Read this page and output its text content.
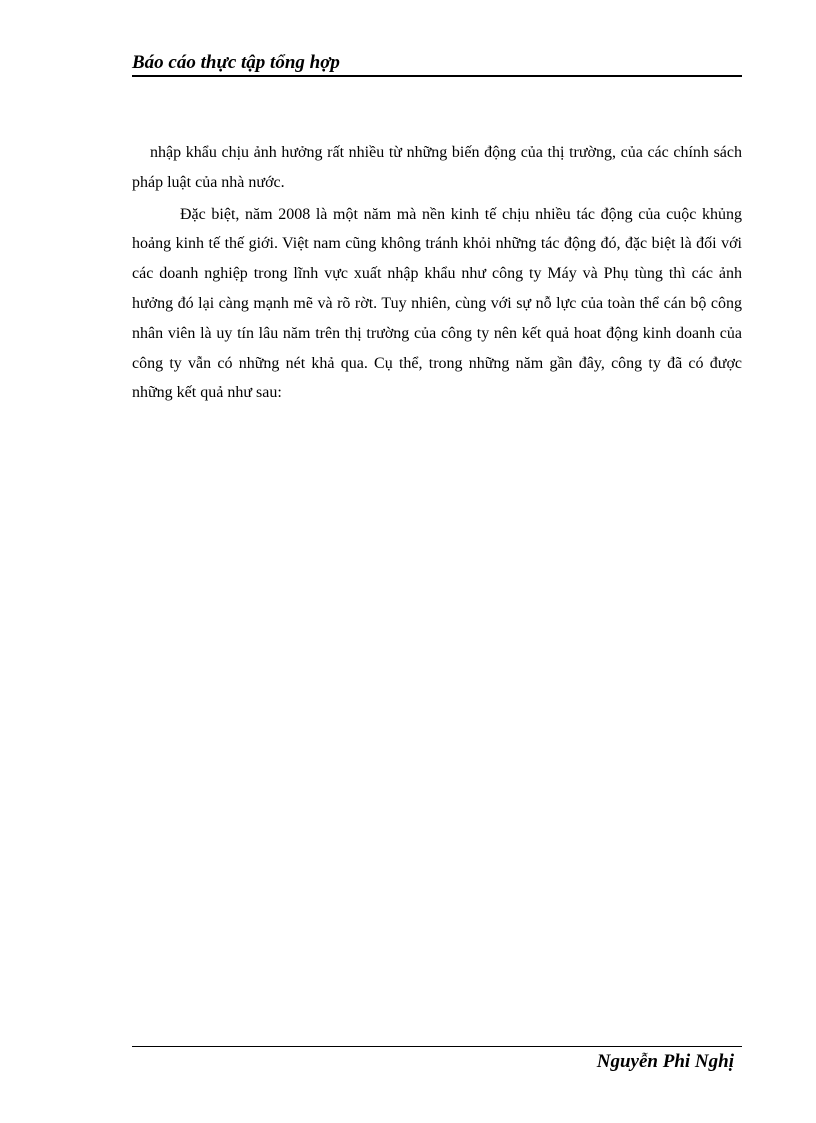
Báo cáo thực tập tổng hợp

nhập khẩu chịu ảnh hưởng rất nhiều từ những biến động của thị trường, của các chính sách pháp luật của nhà nước.

Đặc biệt, năm 2008 là một năm mà nền kinh tế chịu nhiều tác động của cuộc khủng hoảng kinh tế thế giới. Việt nam cũng không tránh khỏi những tác động đó, đặc biệt là đối với các doanh nghiệp trong lĩnh vực xuất nhập khẩu như công ty Máy và Phụ tùng thì các ảnh hưởng đó lại càng mạnh mẽ và rõ rờt. Tuy nhiên, cùng với sự nỗ lực của toàn thể cán bộ công nhân viên là uy tín lâu năm trên thị trường của công ty nên kết quả hoat động kinh doanh của công ty vẫn có những nét khả qua. Cụ thể, trong những năm gần đây, công ty đã có được những kết quả như sau:

Nguyễn Phi Nghị
